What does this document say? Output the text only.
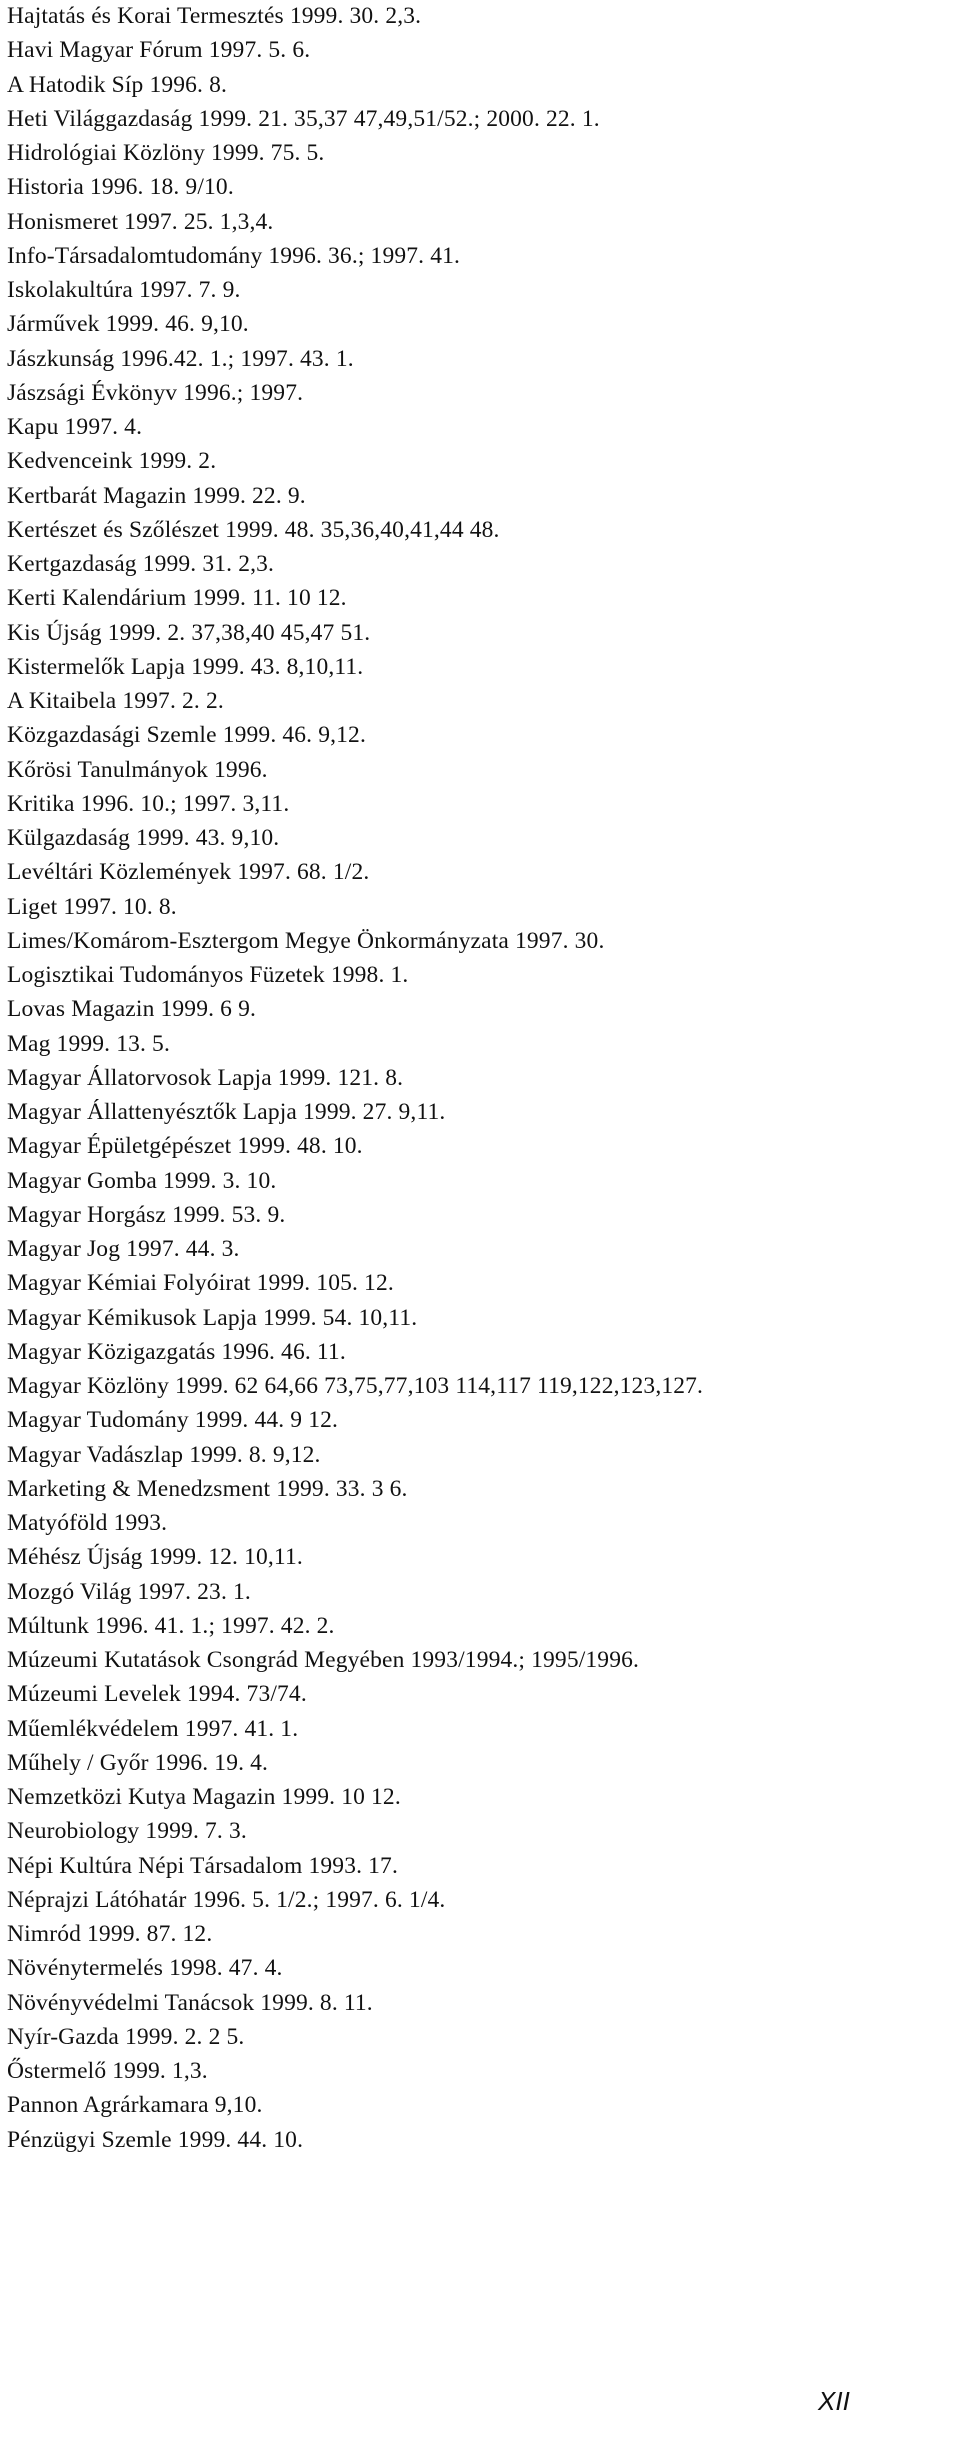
Hajtatás és Korai Termesztés 1999. 30. 2,3.
Havi Magyar Fórum 1997. 5. 6.
A Hatodik Síp 1996. 8.
Heti Világgazdaság 1999. 21. 35,37 47,49,51/52.; 2000. 22. 1.
Hidrológiai Közlöny 1999. 75. 5.
Historia 1996. 18. 9/10.
Honismeret 1997. 25. 1,3,4.
Info-Társadalomtudomány 1996. 36.; 1997. 41.
Iskolakultúra 1997. 7. 9.
Járművek 1999. 46. 9,10.
Jászkunság 1996.42. 1.; 1997. 43. 1.
Jászsági Évkönyv 1996.; 1997.
Kapu 1997. 4.
Kedvenceink 1999. 2.
Kertbarát Magazin 1999. 22. 9.
Kertészet és Szőlészet 1999. 48. 35,36,40,41,44 48.
Kertgazdaság 1999. 31. 2,3.
Kerti Kalendárium 1999. 11. 10 12.
Kis Újság 1999. 2. 37,38,40 45,47 51.
Kistermelők Lapja 1999. 43. 8,10,11.
A Kitaibela 1997. 2. 2.
Közgazdasági Szemle 1999. 46. 9,12.
Kőrösi Tanulmányok 1996.
Kritika 1996. 10.; 1997. 3,11.
Külgazdaság 1999. 43. 9,10.
Levéltári Közlemények 1997. 68. 1/2.
Liget 1997. 10. 8.
Limes/Komárom-Esztergom Megye Önkormányzata 1997. 30.
Logisztikai Tudományos Füzetek 1998. 1.
Lovas Magazin 1999. 6 9.
Mag 1999. 13. 5.
Magyar Állatorvosok Lapja 1999. 121. 8.
Magyar Állattenyésztők Lapja 1999. 27. 9,11.
Magyar Épületgépészet 1999. 48. 10.
Magyar Gomba 1999. 3. 10.
Magyar Horgász 1999. 53. 9.
Magyar Jog 1997. 44. 3.
Magyar Kémiai Folyóirat 1999. 105. 12.
Magyar Kémikusok Lapja 1999. 54. 10,11.
Magyar Közigazgatás 1996. 46. 11.
Magyar Közlöny 1999. 62 64,66 73,75,77,103 114,117 119,122,123,127.
Magyar Tudomány 1999. 44. 9 12.
Magyar Vadászlap 1999. 8. 9,12.
Marketing & Menedzsment 1999. 33. 3 6.
Matyóföld 1993.
Méhész Újság 1999. 12. 10,11.
Mozgó Világ 1997. 23. 1.
Múltunk 1996. 41. 1.; 1997. 42. 2.
Múzeumi Kutatások Csongrád Megyében 1993/1994.; 1995/1996.
Múzeumi Levelek 1994. 73/74.
Műemlékvédelem 1997. 41. 1.
Műhely / Győr 1996. 19. 4.
Nemzetközi Kutya Magazin 1999. 10 12.
Neurobiology 1999. 7. 3.
Népi Kultúra Népi Társadalom 1993. 17.
Néprajzi Látóhatár 1996. 5. 1/2.; 1997. 6. 1/4.
Nimród 1999. 87. 12.
Növénytermelés 1998. 47. 4.
Növényvédelmi Tanácsok 1999. 8. 11.
Nyír-Gazda 1999. 2. 2 5.
Őstermelő 1999. 1,3.
Pannon Agrárkamara 9,10.
Pénzügyi Szemle 1999. 44. 10.
XII
